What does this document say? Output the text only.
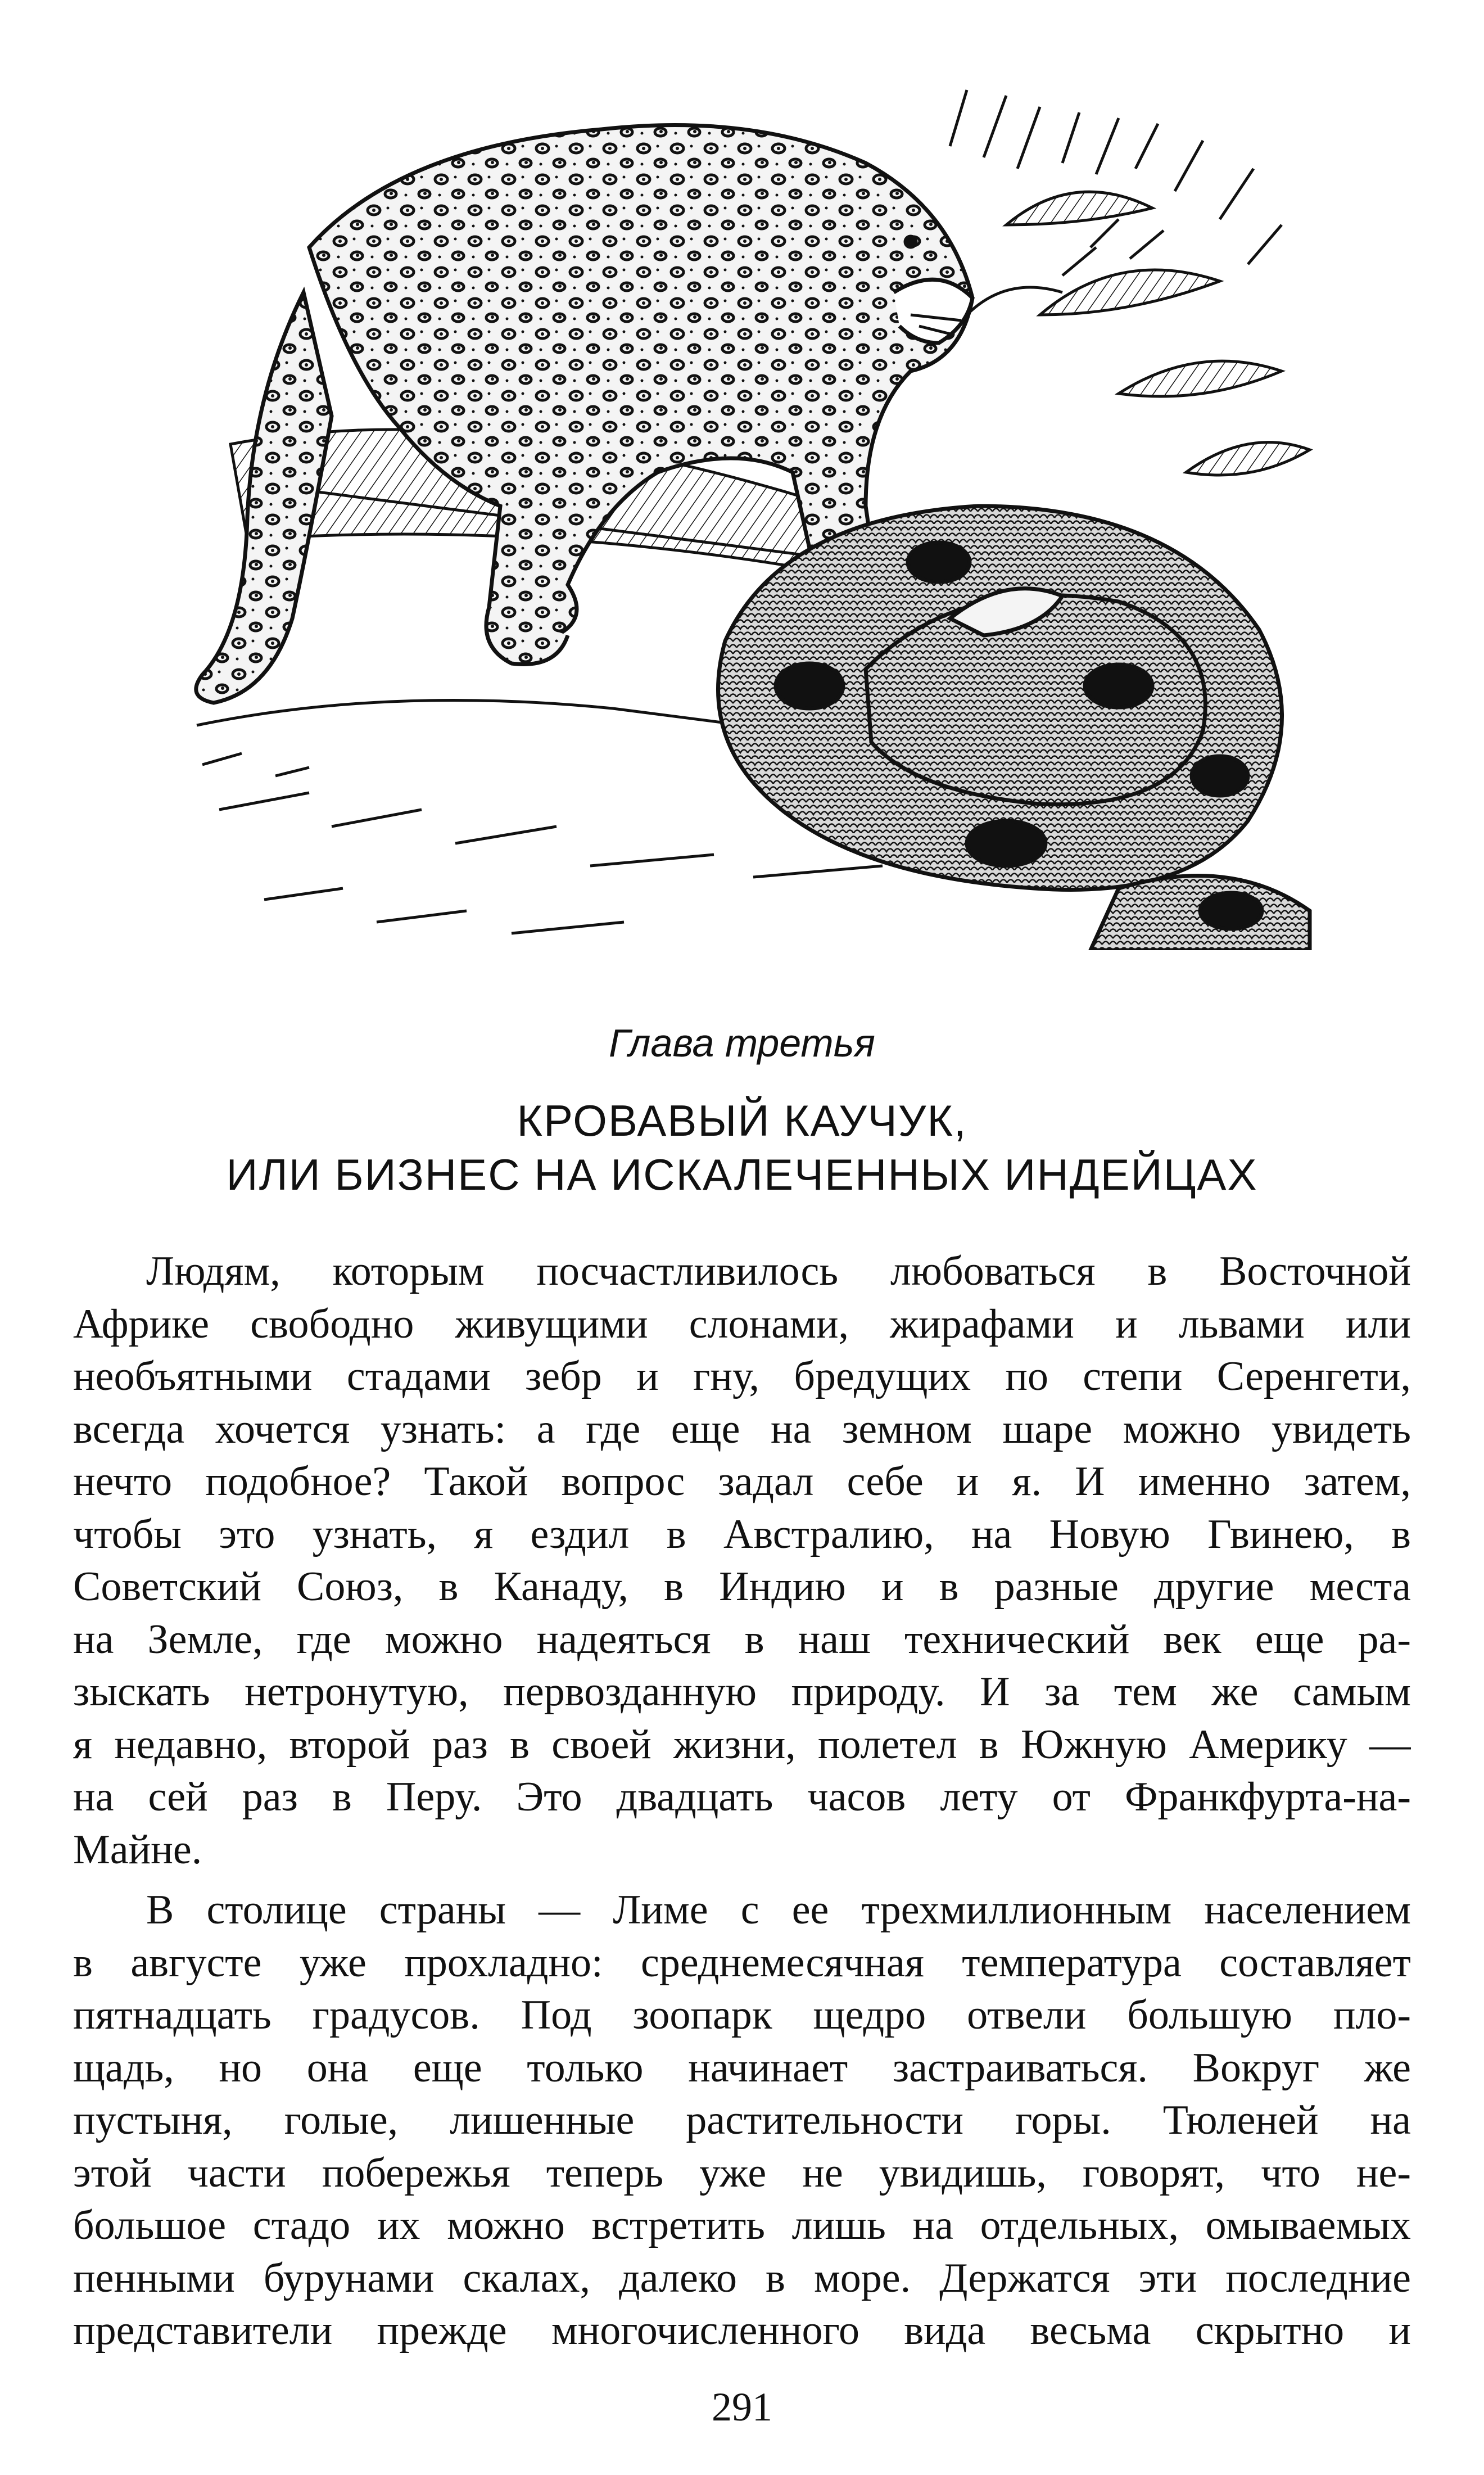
Глава третья
КРОВАВЫЙ КАУЧУК,
ИЛИ БИЗНЕС НА ИСКАЛЕЧЕННЫХ ИНДЕЙЦАХ
Людям, которым посчастливилось любоваться в Восточной
Африке свободно живущими слонами, жирафами и львами или
необъятными стадами зебр и гну, бредущих по степи Серенгети,
всегда хочется узнать: а где еще на земном шаре можно увидеть
нечто подобное? Такой вопрос задал себе и я. И именно затем,
чтобы это узнать, я ездил в Австралию, на Новую Гвинею, в
Советский Союз, в Канаду, в Индию и в разные другие места
на Земле, где можно надеяться в наш технический век еще ра-
зыскать нетронутую, первозданную природу. И за тем же самым
я недавно, второй раз в своей жизни, полетел в Южную Америку —
на сей раз в Перу. Это двадцать часов лету от Франкфурта-на-
Майне.
В столице страны — Лиме с ее трехмиллионным населением
в августе уже прохладно: среднемесячная температура составляет
пятнадцать градусов. Под зоопарк щедро отвели большую пло-
щадь, но она еще только начинает застраиваться. Вокруг же
пустыня, голые, лишенные растительности горы. Тюленей на
этой части побережья теперь уже не увидишь, говорят, что не-
большое стадо их можно встретить лишь на отдельных, омываемых
пенными бурунами скалах, далеко в море. Держатся эти последние
представители прежде многочисленного вида весьма скрытно и
291
